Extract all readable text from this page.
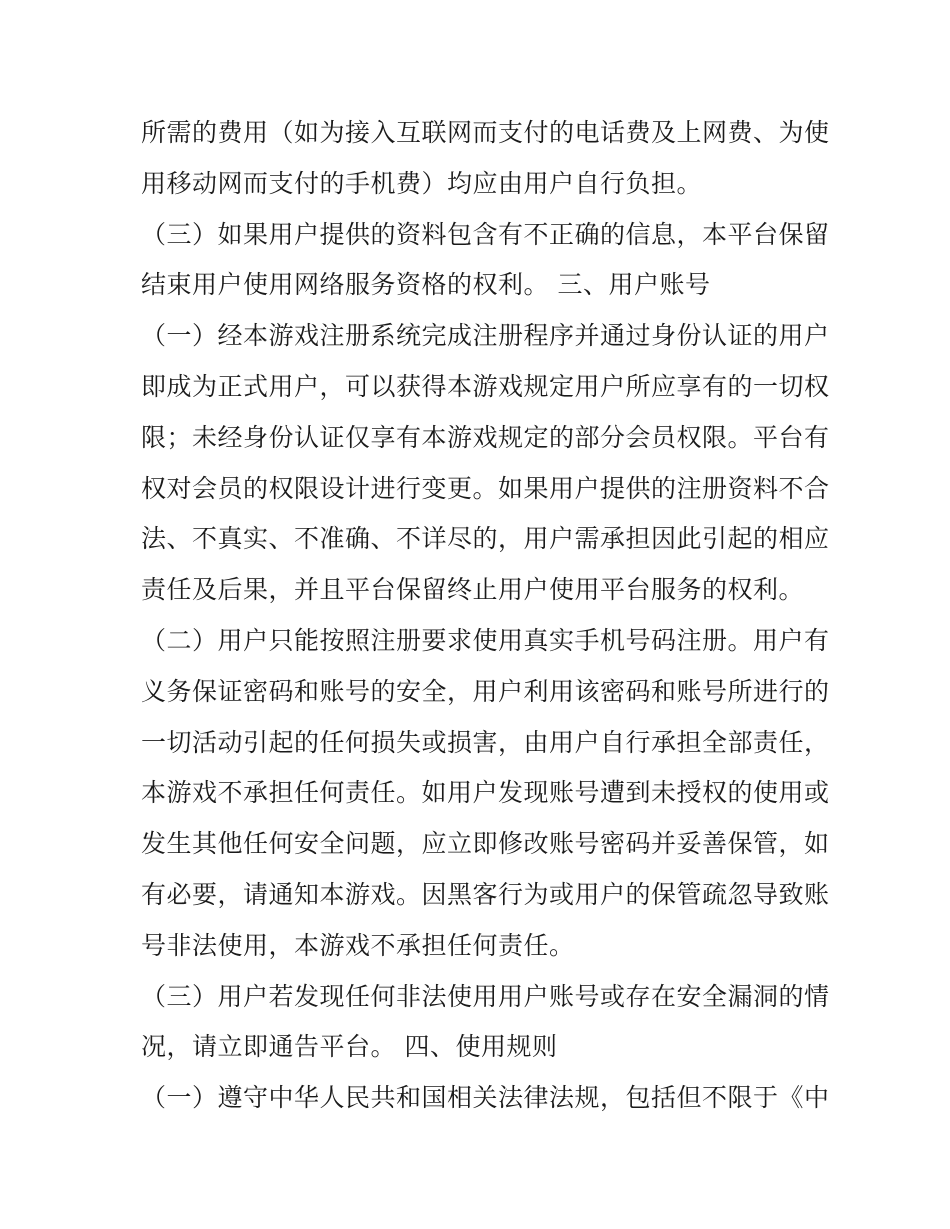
所需的费用（如为接入互联网而支付的电话费及上网费、为使
用移动网而支付的手机费）均应由用户自行负担。
（三）如果用户提供的资料包含有不正确的信息，本平台保留
结束用户使用网络服务资格的权利。 三、用户账号
（一）经本游戏注册系统完成注册程序并通过身份认证的用户
即成为正式用户，可以获得本游戏规定用户所应享有的一切权
限；未经身份认证仅享有本游戏规定的部分会员权限。平台有
权对会员的权限设计进行变更。如果用户提供的注册资料不合
法、不真实、不准确、不详尽的，用户需承担因此引起的相应
责任及后果，并且平台保留终止用户使用平台服务的权利。
（二）用户只能按照注册要求使用真实手机号码注册。用户有
义务保证密码和账号的安全，用户利用该密码和账号所进行的
一切活动引起的任何损失或损害，由用户自行承担全部责任，
本游戏不承担任何责任。如用户发现账号遭到未授权的使用或
发生其他任何安全问题，应立即修改账号密码并妥善保管，如
有必要，请通知本游戏。因黑客行为或用户的保管疏忽导致账
号非法使用，本游戏不承担任何责任。
（三）用户若发现任何非法使用用户账号或存在安全漏洞的情
况，请立即通告平台。 四、使用规则
（一）遵守中华人民共和国相关法律法规，包括但不限于《中
